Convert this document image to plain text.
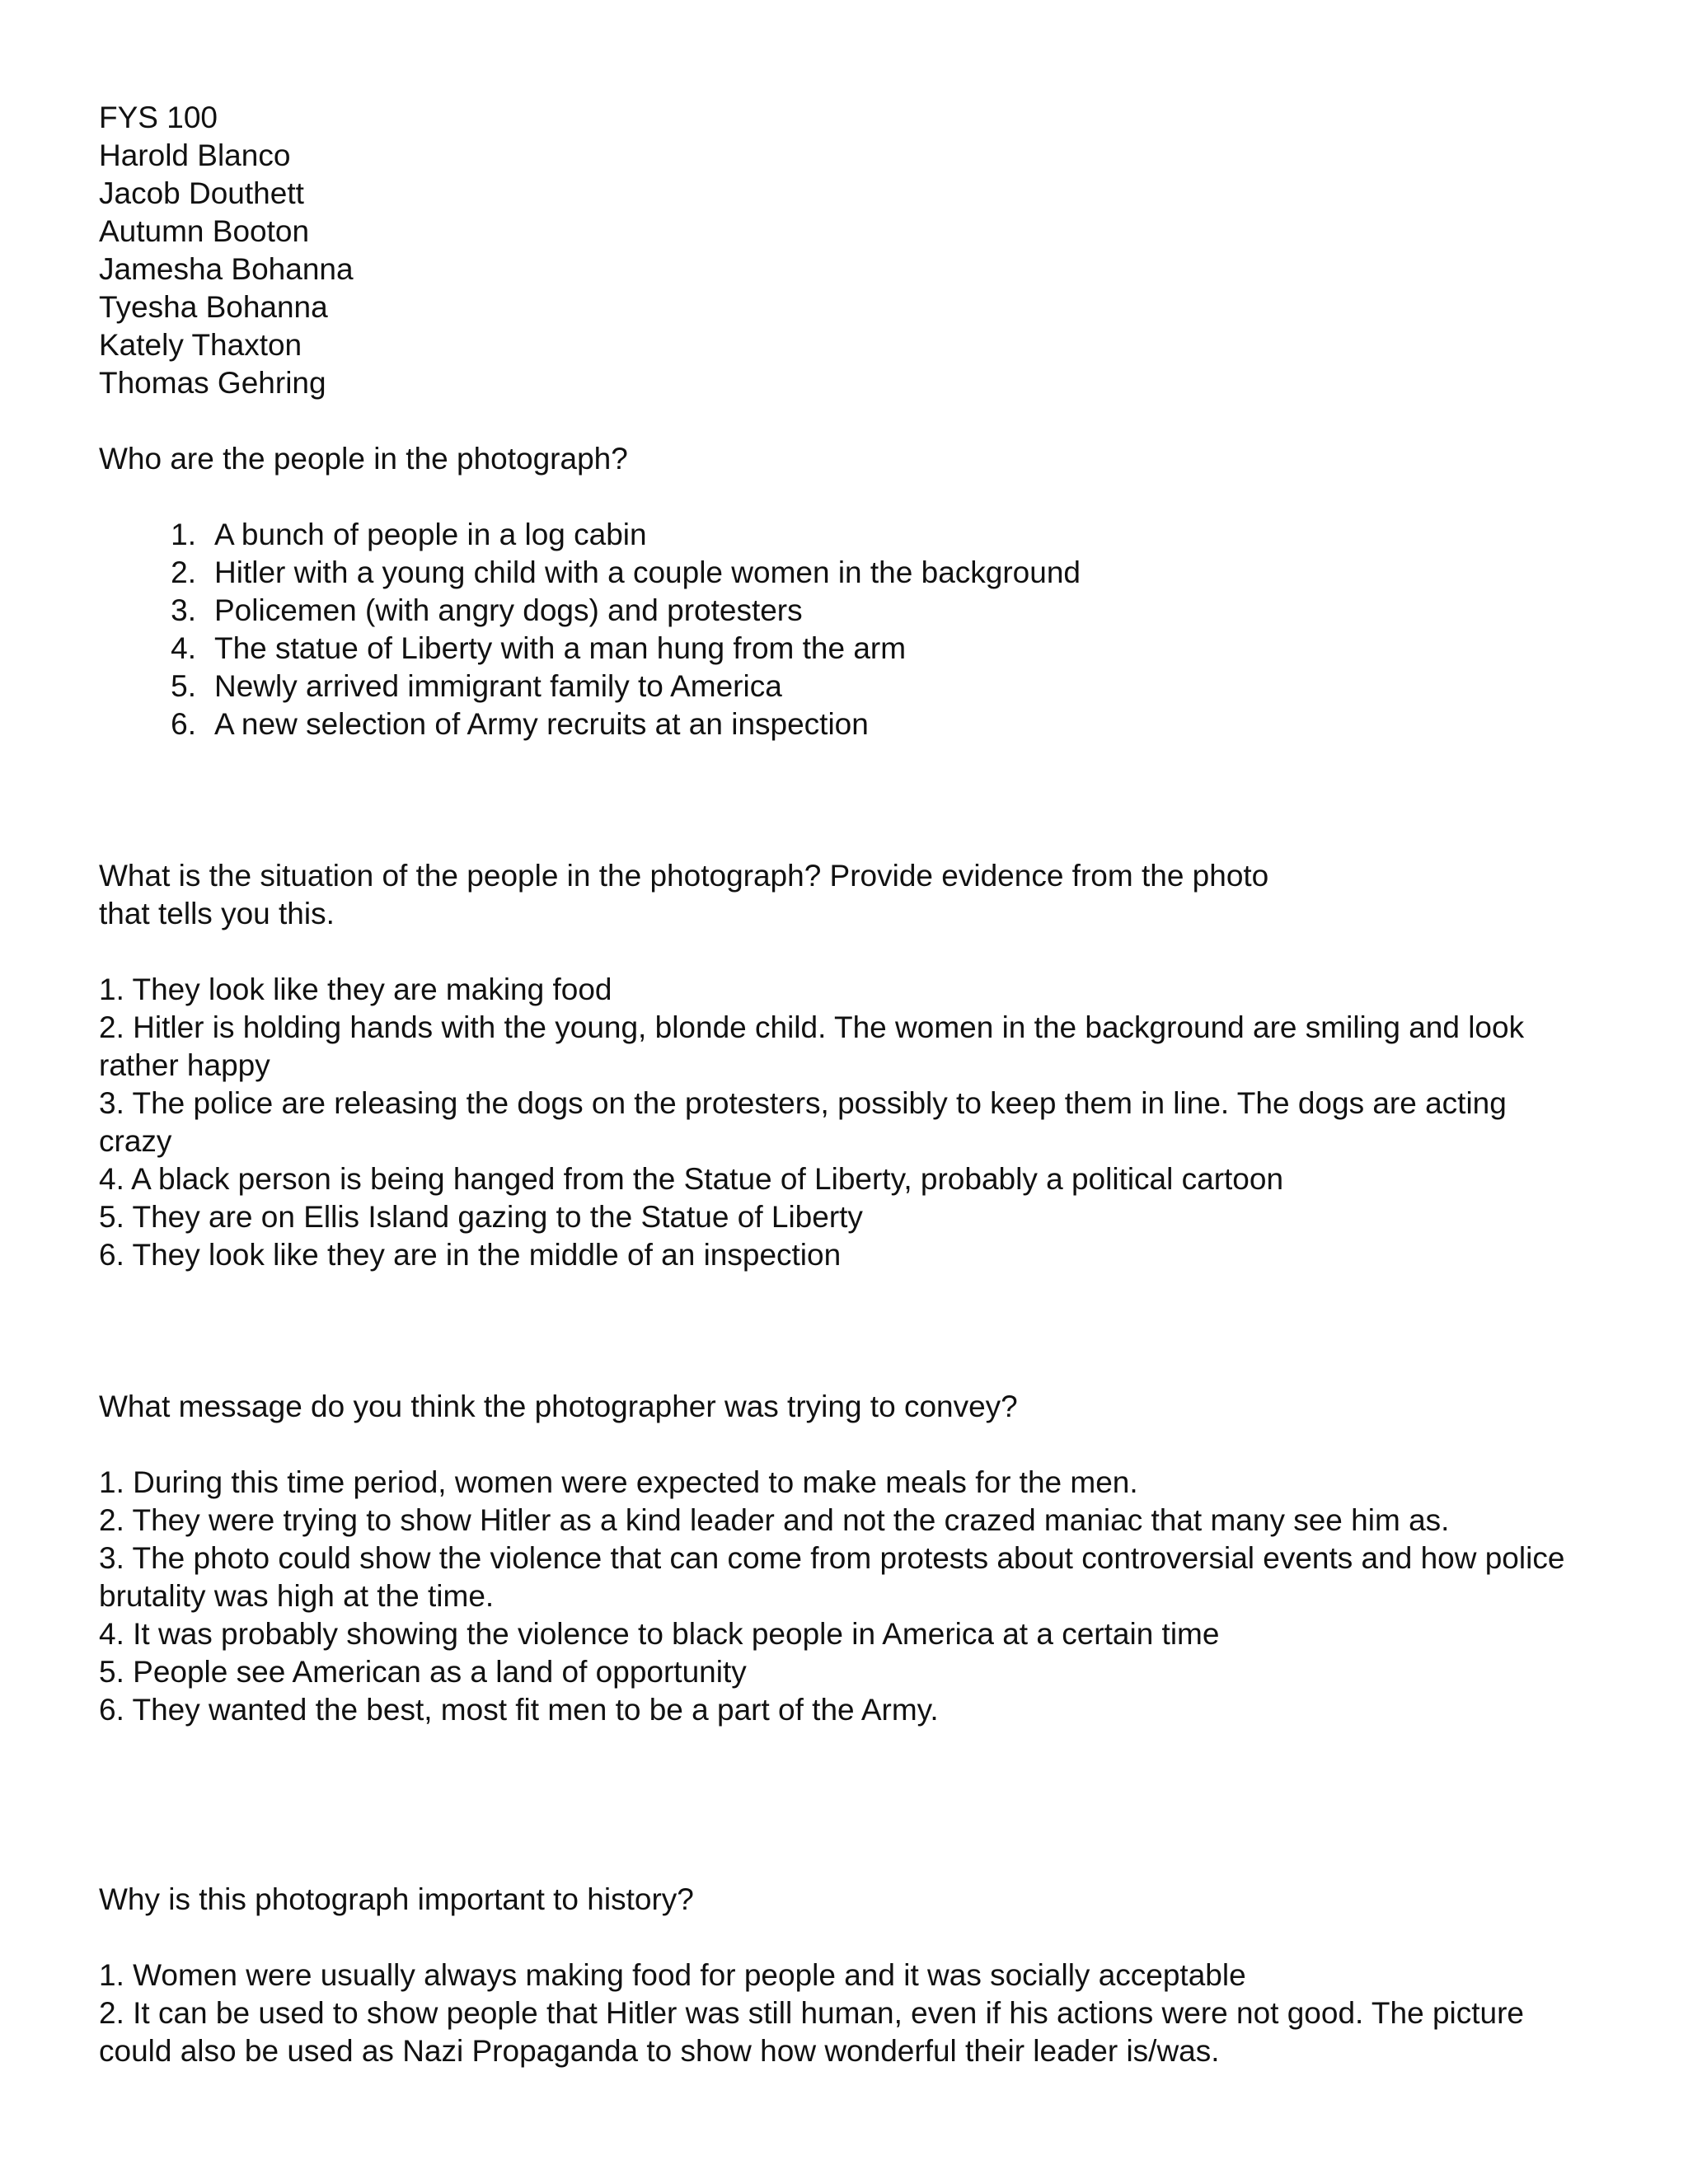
FYS 100
Harold Blanco
Jacob Douthett
Autumn Booton
Jamesha Bohanna
Tyesha Bohanna
Kately Thaxton
Thomas Gehring
Who are the people in the photograph?
1. A bunch of people in a log cabin
2. Hitler with a young child with a couple women in the background
3. Policemen (with angry dogs) and protesters
4. The statue of Liberty with a man hung from the arm
5. Newly arrived immigrant family to America
6. A new selection of Army recruits at an inspection
What is the situation of the people in the photograph? Provide evidence from the photo
that tells you this.

1. They look like they are making food

2. Hitler is holding hands with the young, blonde child. The women in the background are smiling and look rather happy

3. The police are releasing the dogs on the protesters, possibly to keep them in line. The dogs are acting crazy

4. A black person is being hanged from the Statue of Liberty, probably a political cartoon

5. They are on Ellis Island gazing to the Statue of Liberty

6. They look like they are in the middle of an inspection

What message do you think the photographer was trying to convey?

1. During this time period, women were expected to make meals for the men.

2. They were trying to show Hitler as a kind leader and not the crazed maniac that many see him as.

3. The photo could show the violence that can come from protests about controversial events and how police brutality was high at the time.

4. It was probably showing the violence to black people in America at a certain time

5. People see American as a land of opportunity

6. They wanted the best, most fit men to be a part of the Army.

Why is this photograph important to history?

1. Women were usually always making food for people and it was socially acceptable

2. It can be used to show people that Hitler was still human, even if his actions were not good. The picture could also be used as Nazi Propaganda to show how wonderful their leader is/was.
